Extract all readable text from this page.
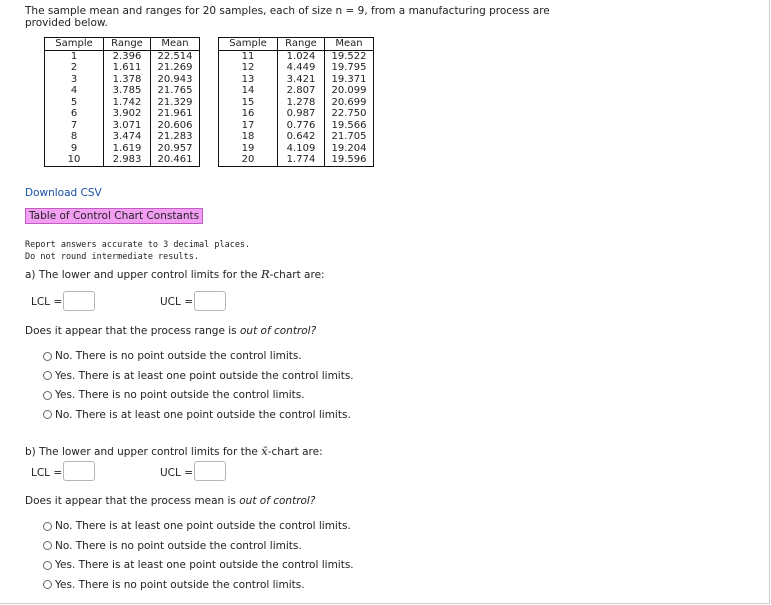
The sample mean and ranges for 20 samples, each of size n = 9, from a manufacturing process are provided below.
Sample	Range	Mean
1	2.396	22.514
2	1.611	21.269
3	1.378	20.943
4	3.785	21.765
5	1.742	21.329
6	3.902	21.961
7	3.071	20.606
8	3.474	21.283
9	1.619	20.957
10	2.983	20.461
Sample	Range	Mean
11	1.024	19.522
12	4.449	19.795
13	3.421	19.371
14	2.807	20.099
15	1.278	20.699
16	0.987	22.750
17	0.776	19.566
18	0.642	21.705
19	4.109	19.204
20	1.774	19.596
Download CSV
Table of Control Chart Constants
Report answers accurate to 3 decimal places.
Do not round intermediate results.
a) The lower and upper control limits for the R-chart are:
LCL =	UCL =
Does it appear that the process range is out of control?
No. There is no point outside the control limits.
Yes. There is at least one point outside the control limits.
Yes. There is no point outside the control limits.
No. There is at least one point outside the control limits.
b) The lower and upper control limits for the x̄-chart are:
LCL =	UCL =
Does it appear that the process mean is out of control?
No. There is at least one point outside the control limits.
No. There is no point outside the control limits.
Yes. There is at least one point outside the control limits.
Yes. There is no point outside the control limits.
